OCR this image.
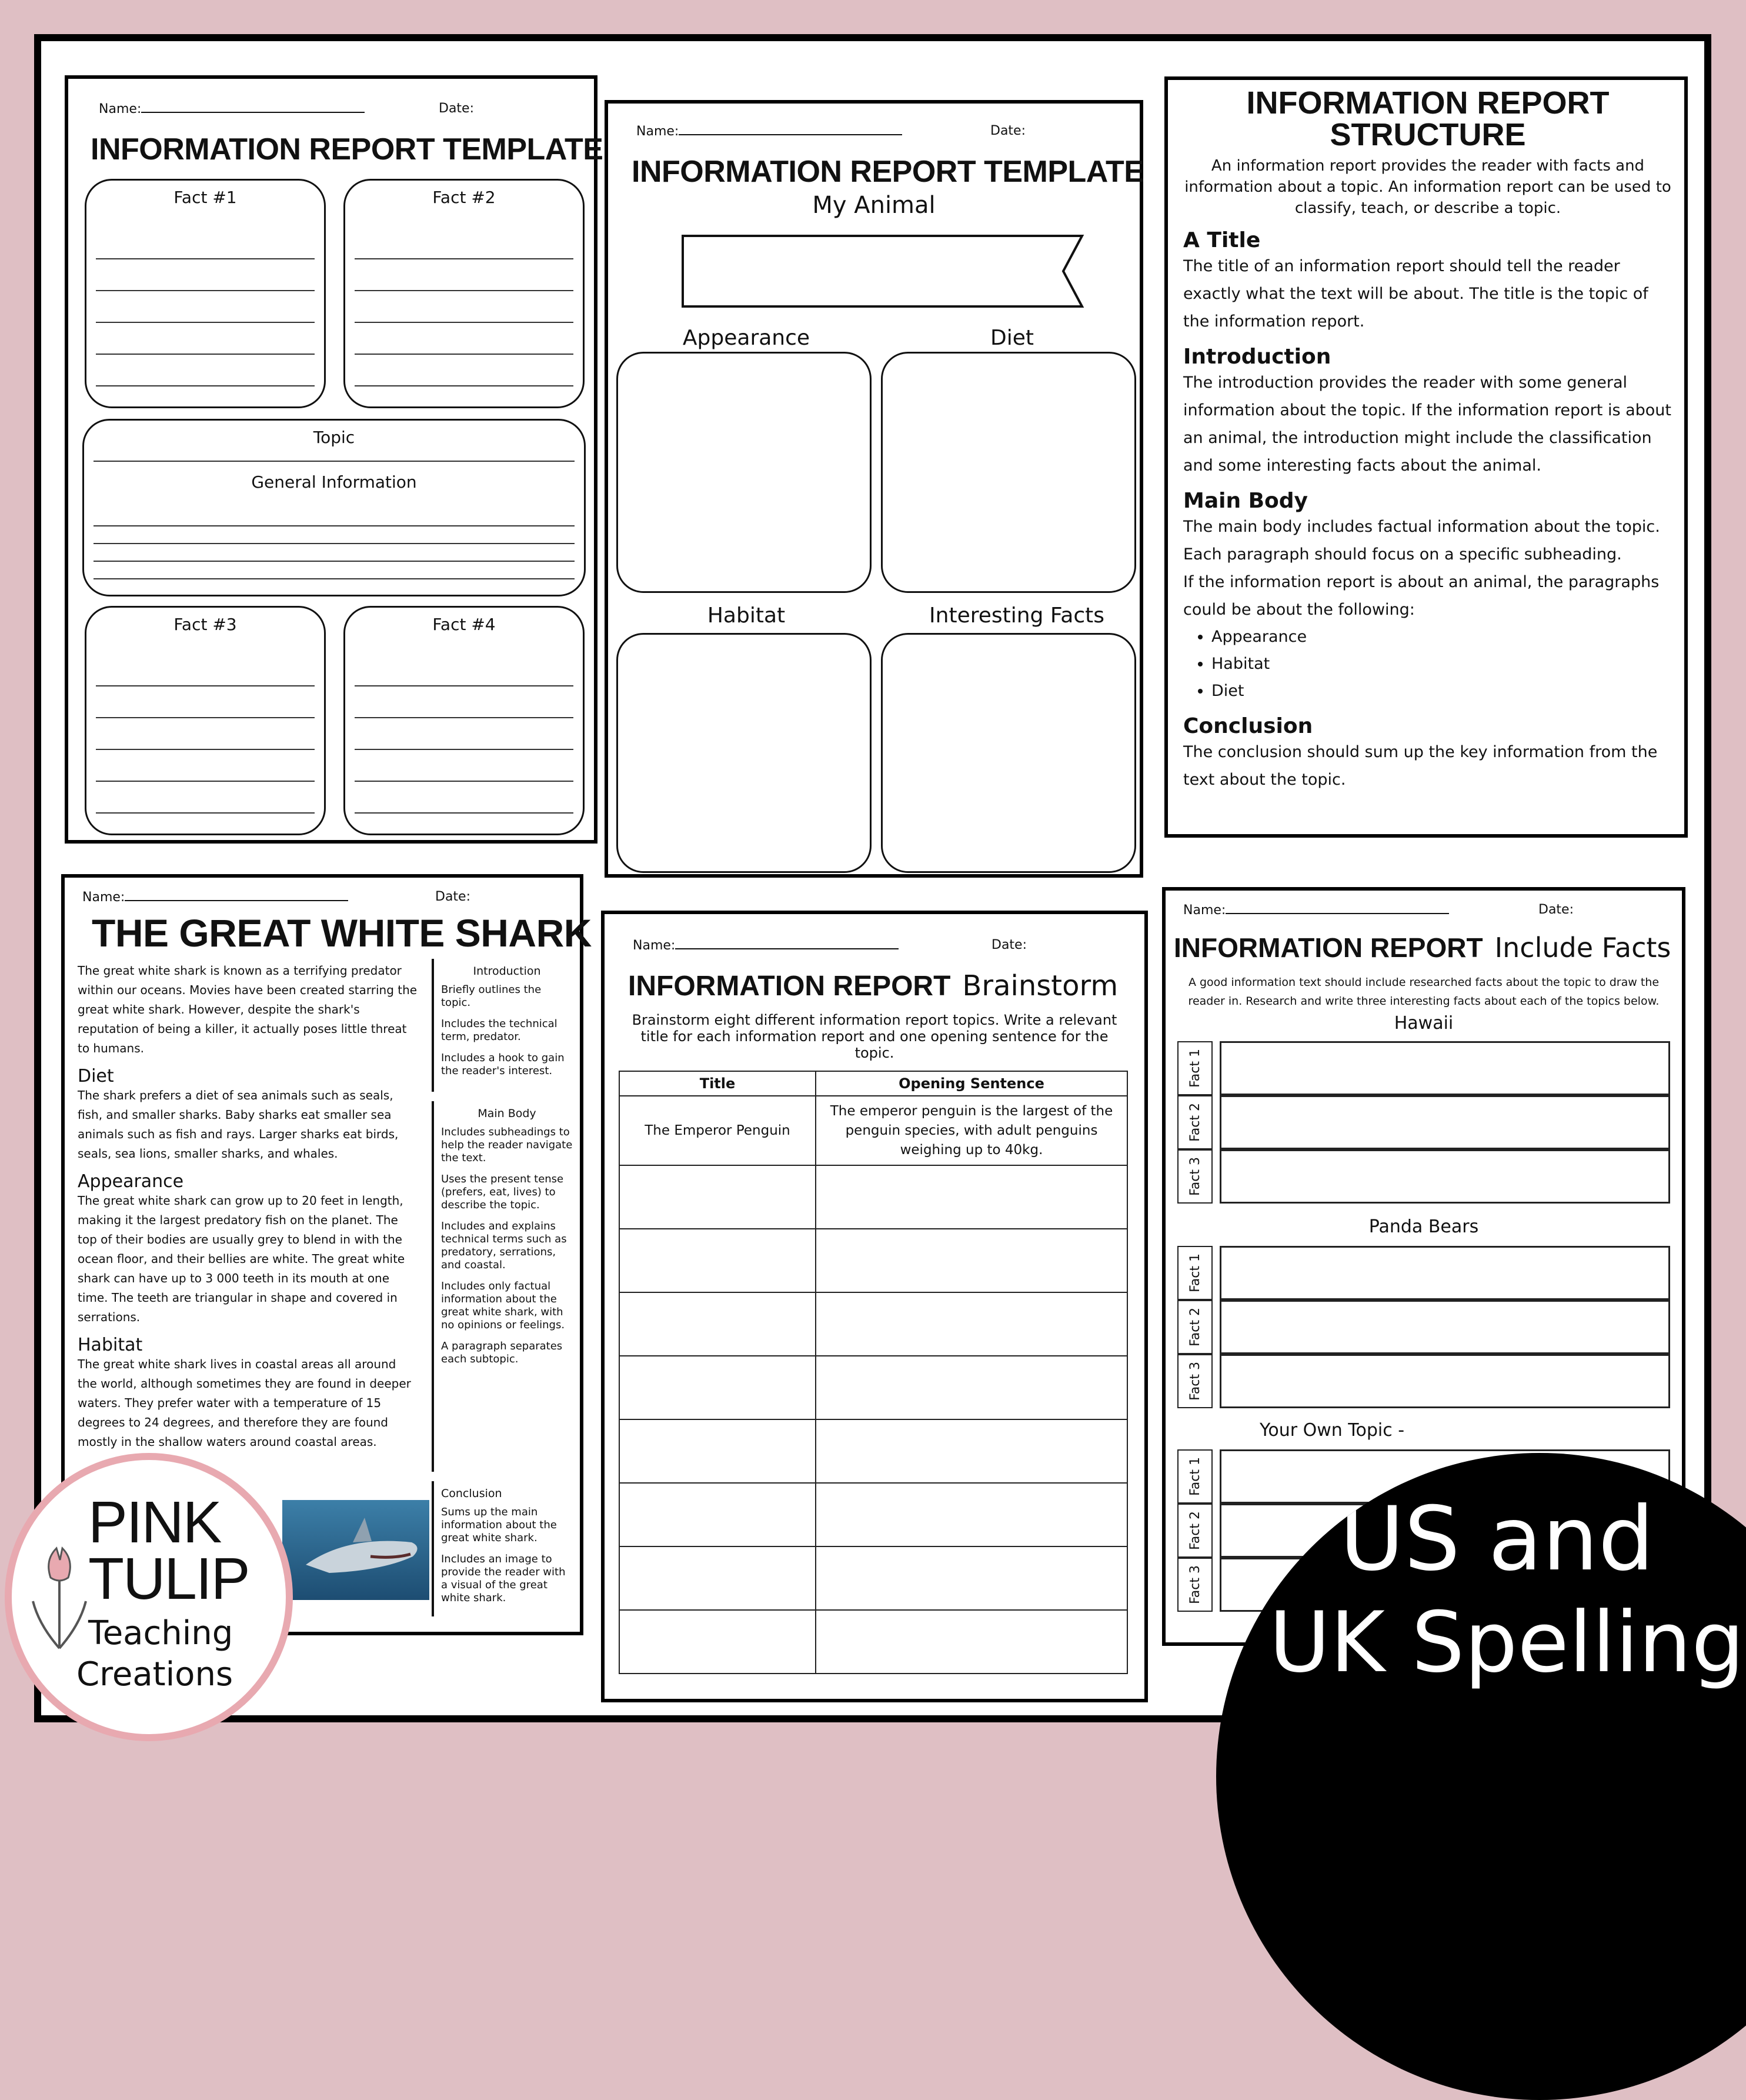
Name:	Date:
INFORMATION REPORT TEMPLATE
Fact #1	Fact #2
Topic
General Information
Fact #3	Fact #4
Name:	Date:
INFORMATION REPORT TEMPLATE
My Animal
Appearance	Diet
Habitat	Interesting Facts
INFORMATION REPORT
STRUCTURE
An information report provides the reader with facts and information about a topic. An information report can be used to classify, teach, or describe a topic.
A Title

The title of an information report should tell the reader exactly what the text will be about. The title is the topic of the information report.

Introduction

The introduction provides the reader with some general information about the topic. If the information report is about an animal, the introduction might include the classification and some interesting facts about the animal.

Main Body

The main body includes factual information about the topic. Each paragraph should focus on a specific subheading.

If the information report is about an animal, the paragraphs could be about the following:

• Appearance
• Habitat
• Diet
Conclusion

The conclusion should sum up the key information from the text about the topic.

Name:	Date:
THE GREAT WHITE SHARK

The great white shark is known as a terrifying predator within our oceans. Movies have been created starring the great white shark. However, despite the shark's reputation of being a killer, it actually poses little threat to humans.

Diet

The shark prefers a diet of sea animals such as seals, fish, and smaller sharks. Baby sharks eat smaller sea animals such as fish and rays. Larger sharks eat birds, seals, sea lions, smaller sharks, and whales.

Appearance

The great white shark can grow up to 20 feet in length, making it the largest predatory fish on the planet. The top of their bodies are usually grey to blend in with the ocean floor, and their bellies are white. The great white shark can have up to 3 000 teeth in its mouth at one time. The teeth are triangular in shape and covered in serrations.

Habitat

The great white shark lives in coastal areas all around the world, although sometimes they are found in deeper waters. They prefer water with a temperature of 15 degrees to 24 degrees, and therefore they are found mostly in the shallow waters around coastal areas.

Introduction

Briefly outlines the topic.

Includes the technical term, predator.

Includes a hook to gain the reader's interest.

Main Body

Includes subheadings to help the reader navigate the text.

Uses the present tense (prefers, eat, lives) to describe the topic.

Includes and explains technical terms such as predatory, serrations, and coastal.

Includes only factual information about the great white shark, with no opinions or feelings.

A paragraph separates each subtopic.

Conclusion

Sums up the main information about the great white shark.

Includes an image to provide the reader with a visual of the great white shark.

Name:	Date:
INFORMATION REPORT Brainstorm
Brainstorm eight different information report topics. Write a relevant title for each information report and one opening sentence for the topic.
Title	Opening Sentence
The Emperor Penguin	The emperor penguin is the largest of the penguin species, with adult penguins weighing up to 40kg.

Name:	Date:
INFORMATION REPORT Include Facts
A good information text should include researched facts about the topic to draw the reader in. Research and write three interesting facts about each of the topics below.
Hawaii
Fact 1
Fact 2
Fact 3
Panda Bears
Fact 1
Fact 2
Fact 3
Your Own Topic -
Fact 1
Fact 2
Fact 3 US and
UK Spelling
PINK
TULIP
Teaching
Creations
